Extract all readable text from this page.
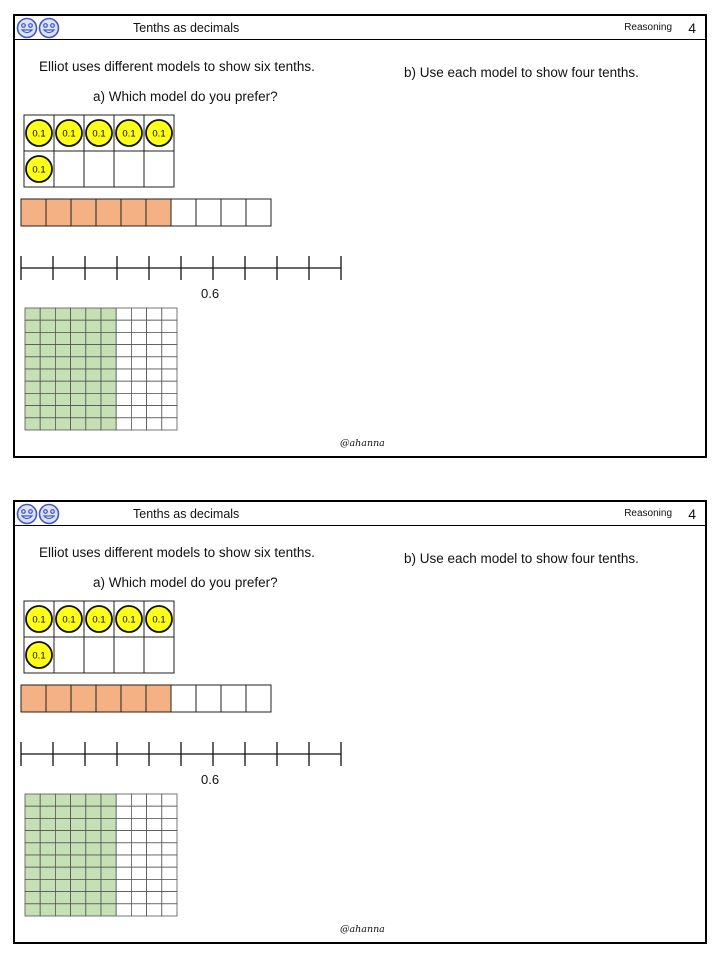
Tenths as decimals	Reasoning 4
Elliot uses different models to show six tenths.
a) Which model do you prefer?
b) Use each model to show four tenths.
0.1 0.1 0.1 0.1 0.1
0.1
0.6
@ahanna
Tenths as decimals	Reasoning 4
Elliot uses different models to show six tenths.
a) Which model do you prefer?
b) Use each model to show four tenths.
0.1 0.1 0.1 0.1 0.1
0.1
0.6
@ahanna
